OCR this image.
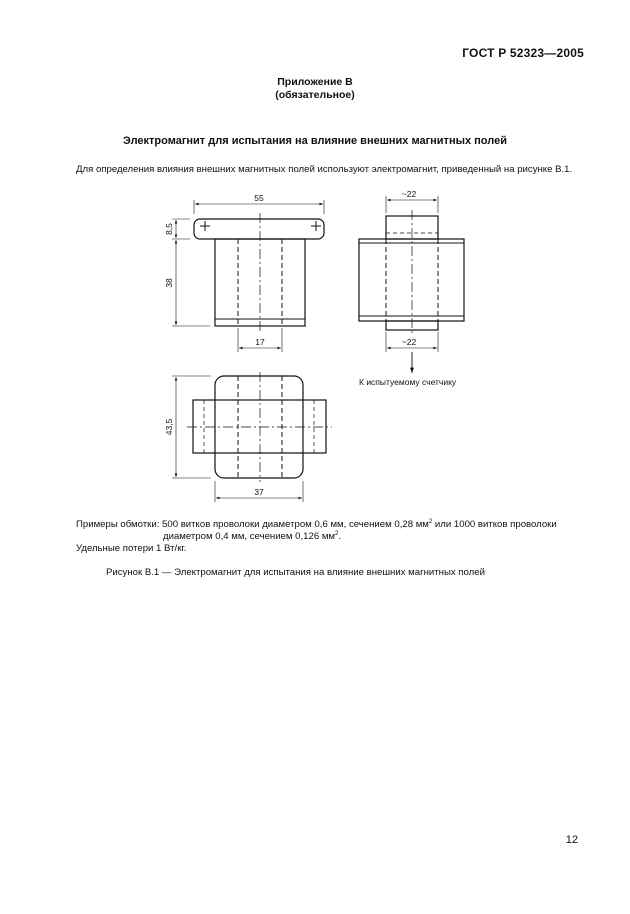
ГОСТ Р 52323—2005
Приложение В
(обязательное)
Электромагнит для испытания на влияние внешних магнитных полей
Для определения влияния внешних магнитных полей используют электромагнит, приведенный на рисунке В.1.
55
8,5
38
17
~22
~22
К испытуемому счетчику
43,5
37
Примеры обмотки: 500 витков проволоки диаметром 0,6 мм, сечением 0,28 $мм^2$ или 1000 витков проволоки
диаметром 0,4 мм, сечением 0,126 $мм^2$.
Удельные потери 1 Вт/кг.
Рисунок В.1 — Электромагнит для испытания на влияние внешних магнитных полей
12
